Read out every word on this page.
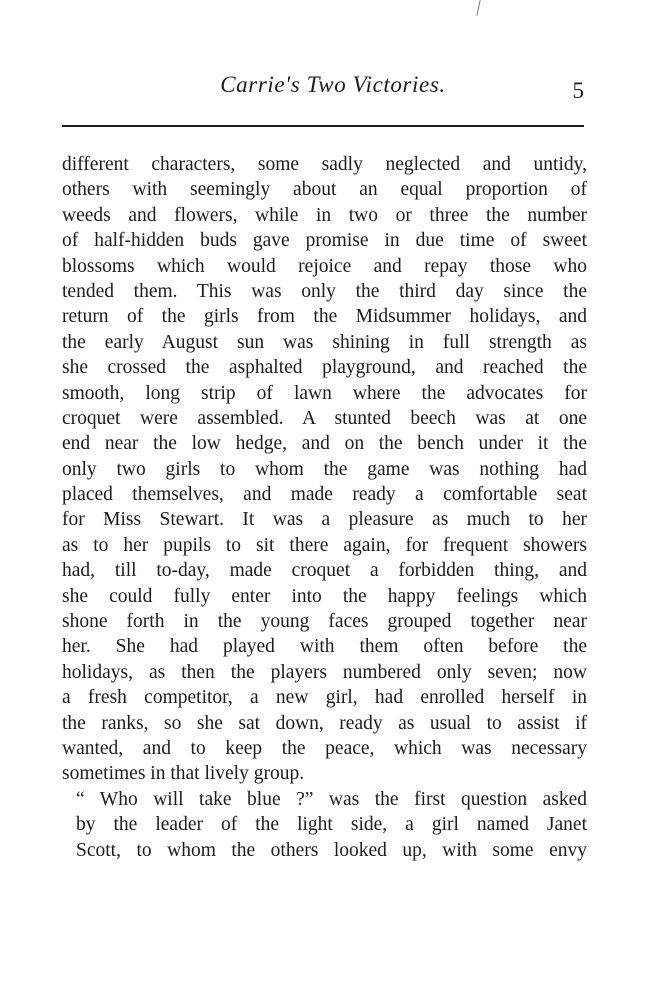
Carrie's Two Victories.	5
different characters, some sadly neglected and untidy,
others with seemingly about an equal proportion of
weeds and flowers, while in two or three the number
of half-hidden buds gave promise in due time of sweet
blossoms which would rejoice and repay those who
tended them. This was only the third day since the
return of the girls from the Midsummer holidays, and
the early August sun was shining in full strength as
she crossed the asphalted playground, and reached the
smooth, long strip of lawn where the advocates for
croquet were assembled. A stunted beech was at one
end near the low hedge, and on the bench under it the
only two girls to whom the game was nothing had
placed themselves, and made ready a comfortable seat
for Miss Stewart. It was a pleasure as much to her
as to her pupils to sit there again, for frequent showers
had, till to-day, made croquet a forbidden thing, and
she could fully enter into the happy feelings which
shone forth in the young faces grouped together near
her. She had played with them often before the
holidays, as then the players numbered only seven; now
a fresh competitor, a new girl, had enrolled herself in
the ranks, so she sat down, ready as usual to assist if
wanted, and to keep the peace, which was necessary
sometimes in that lively group.
“ Who will take blue ?” was the first question asked
by the leader of the light side, a girl named Janet
Scott, to whom the others looked up, with some envy
